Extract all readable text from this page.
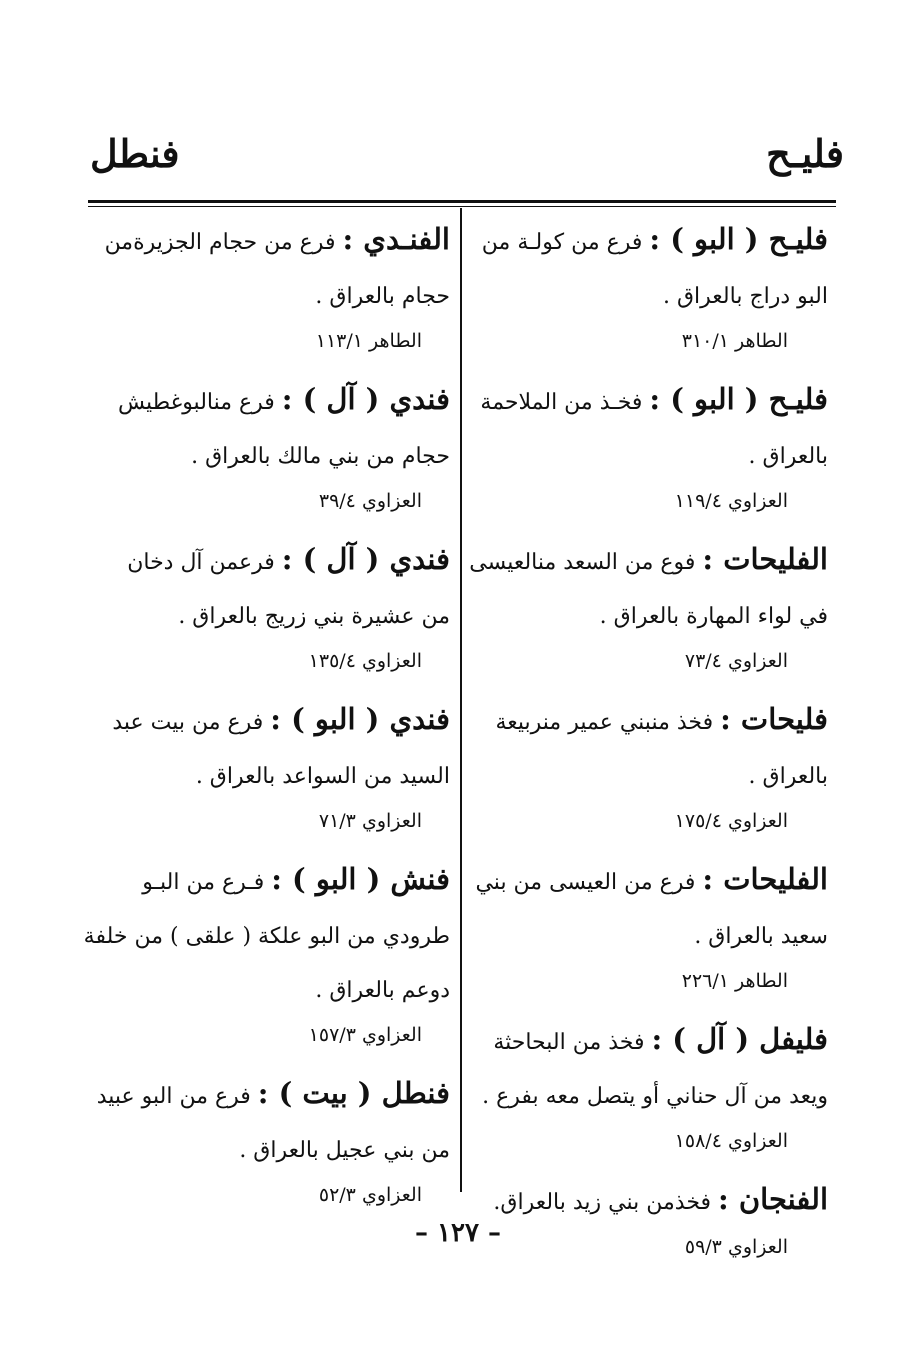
فليـح
فنطل
فليـح ( البو ) : فرع من كولـة من
البو دراج بالعراق .
الطاهر ٣١٠/١
فليـح ( البو ) : فخـذ من الملاحمة
بالعراق .
العزاوي ١١٩/٤
الفليحات : فوع من السعد منالعيسى
في لواء المهارة بالعراق .
العزاوي ٧٣/٤
فليحات : فخذ منبني عمير منربيعة
بالعراق .
العزاوي ١٧٥/٤
الفليحات : فرع من العيسى من بني
سعيد بالعراق .
الطاهر ٢٢٦/١
فليفل ( آل ) : فخذ من البحاحثة
ويعد من آل حناني أو يتصل معه بفرع .
العزاوي ١٥٨/٤
الفنجان : فخذمن بني زيد بالعراق.
العزاوي ٥٩/٣
الفنـدي : فرع من حجام الجزيرةمن
حجام بالعراق .
الطاهر ١١٣/١
فندي ( آل ) : فرع منالبوغطيش
حجام من بني مالك بالعراق .
العزاوي ٣٩/٤
فندي ( آل ) : فرعمن آل دخان
من عشيرة بني زريج بالعراق .
العزاوي ١٣٥/٤
فندي ( البو ) : فرع من بيت عبد
السيد من السواعد بالعراق .
العزاوي ٧١/٣
فنش ( البو ) : فـرع من البـو
طرودي من البو علكة ( علقى ) من خلفة
دوعم بالعراق .
العزاوي ١٥٧/٣
فنطل ( بيت ) : فرع من البو عبيد
من بني عجيل بالعراق .
العزاوي ٥٢/٣
– ١٢٧ –
